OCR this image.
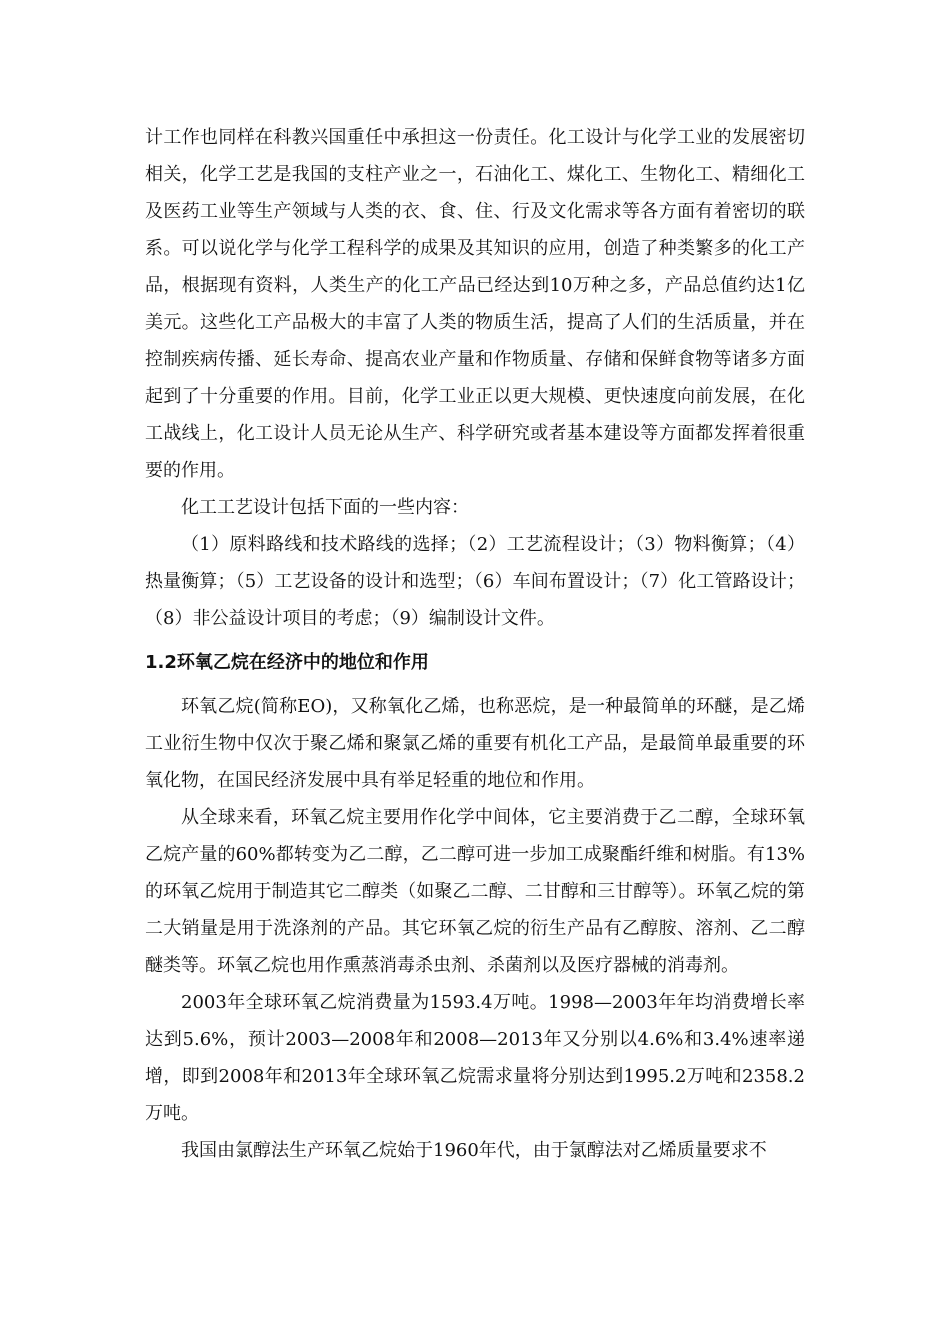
计工作也同样在科教兴国重任中承担这一份责任。化工设计与化学工业的发展密切相关，化学工艺是我国的支柱产业之一，石油化工、煤化工、生物化工、精细化工及医药工业等生产领域与人类的衣、食、住、行及文化需求等各方面有着密切的联系。可以说化学与化学工程科学的成果及其知识的应用，创造了种类繁多的化工产品，根据现有资料，人类生产的化工产品已经达到10万种之多，产品总值约达1亿美元。这些化工产品极大的丰富了人类的物质生活，提高了人们的生活质量，并在控制疾病传播、延长寿命、提高农业产量和作物质量、存储和保鲜食物等诸多方面起到了十分重要的作用。目前，化学工业正以更大规模、更快速度向前发展，在化工战线上，化工设计人员无论从生产、科学研究或者基本建设等方面都发挥着很重要的作用。

化工工艺设计包括下面的一些内容：

（1）原料路线和技术路线的选择；（2）工艺流程设计；（3）物料衡算；（4）热量衡算；（5）工艺设备的设计和选型；（6）车间布置设计；（7）化工管路设计；（8）非公益设计项目的考虑；（9）编制设计文件。

1.2环氧乙烷在经济中的地位和作用

环氧乙烷(简称EO)，又称氧化乙烯，也称恶烷，是一种最简单的环醚，是乙烯工业衍生物中仅次于聚乙烯和聚氯乙烯的重要有机化工产品，是最简单最重要的环氧化物，在国民经济发展中具有举足轻重的地位和作用。

从全球来看，环氧乙烷主要用作化学中间体，它主要消费于乙二醇，全球环氧乙烷产量的60%都转变为乙二醇，乙二醇可进一步加工成聚酯纤维和树脂。有13%的环氧乙烷用于制造其它二醇类（如聚乙二醇、二甘醇和三甘醇等）。环氧乙烷的第二大销量是用于洗涤剂的产品。其它环氧乙烷的衍生产品有乙醇胺、溶剂、乙二醇醚类等。环氧乙烷也用作熏蒸消毒杀虫剂、杀菌剂以及医疗器械的消毒剂。

2003年全球环氧乙烷消费量为1593.4万吨。1998—2003年年均消费增长率达到5.6%，预计2003—2008年和2008—2013年又分别以4.6%和3.4%速率递增，即到2008年和2013年全球环氧乙烷需求量将分别达到1995.2万吨和2358.2万吨。

我国由氯醇法生产环氧乙烷始于1960年代，由于氯醇法对乙烯质量要求不
